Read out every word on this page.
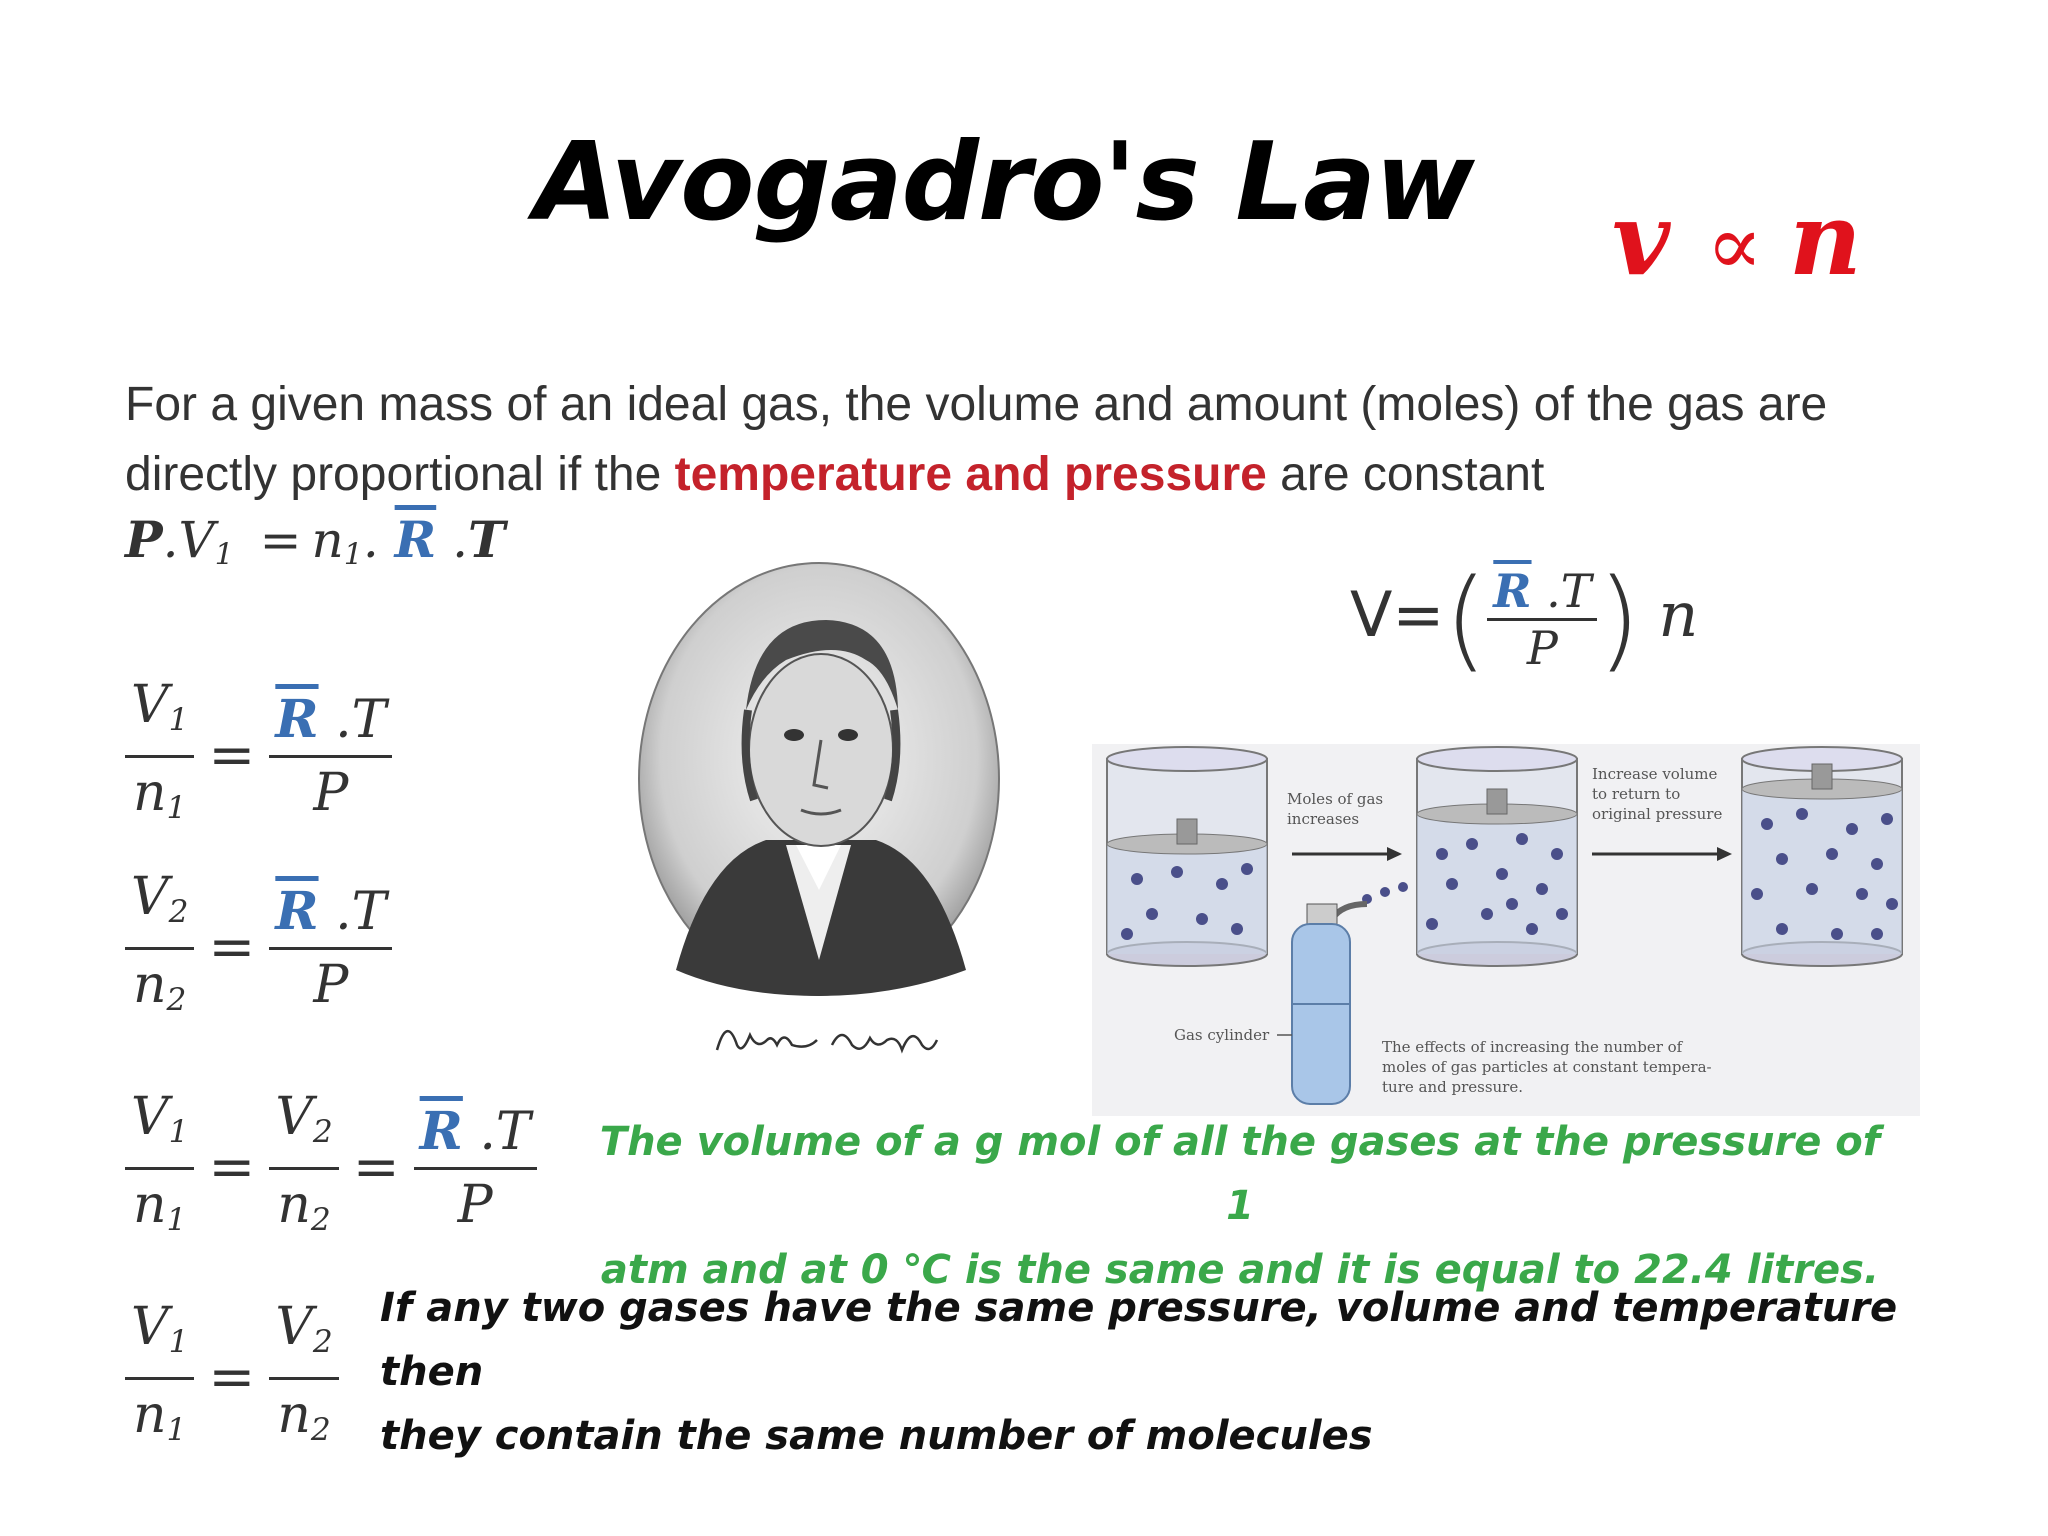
Avogadro's Law	v ∝ n
For a given mass of an ideal gas, the volume and amount (moles) of the gas are directly proportional if the temperature and pressure are constant
$P.V_1 = n_1$. $\overline{R}$ .T
$V=( \frac{\overline{R} .T}{P}$ ) n
$\frac{V_1}{n_1} = \frac{\overline{R} .T}{P}$
$\frac{V_2}{n_2} = \frac{\overline{R} .T}{P}$
$\frac{V_1}{n_1} = \frac{V_2}{n_2} = \frac{\overline{R} .T}{P}$
$\frac{V_1}{n_1} = \frac{V_2}{n_2}$
Moles of gas
increases
Increase volume
to return to
original pressure
Gas cylinder
The effects of increasing the number of
moles of gas particles at constant tempera-
ture and pressure.
The volume of a g mol of all the gases at the pressure of 1
atm and at 0 ℃ is the same and it is equal to 22.4 litres.
If any two gases have the same pressure, volume and temperature then
they contain the same number of molecules
